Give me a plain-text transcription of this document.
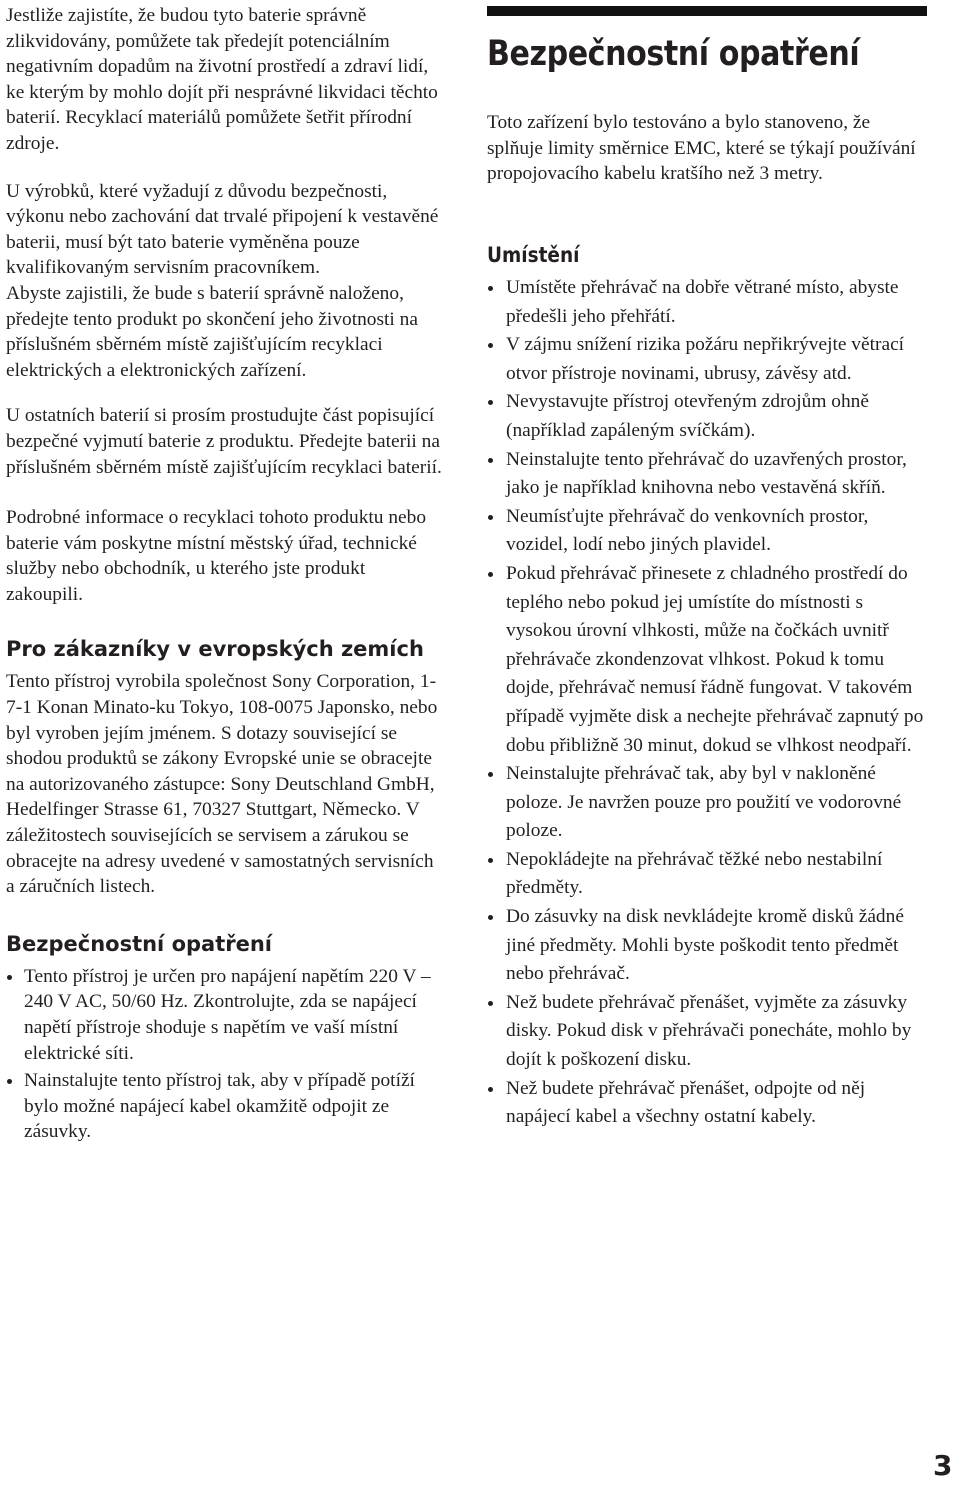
Jestliže zajistíte, že budou tyto baterie správně zlikvidovány, pomůžete tak předejít potenciálním negativním dopadům na životní prostředí a zdraví lidí, ke kterým by mohlo dojít při nesprávné likvidaci těchto baterií. Recyklací materiálů pomůžete šetřit přírodní zdroje.

U výrobků, které vyžadují z důvodu bezpečnosti, výkonu nebo zachování dat trvalé připojení k vestavěné baterii, musí být tato baterie vyměněna pouze kvalifikovaným servisním pracovníkem.

Abyste zajistili, že bude s baterií správně naloženo, předejte tento produkt po skončení jeho životnosti na příslušném sběrném místě zajišťujícím recyklaci elektrických a elektronických zařízení.

U ostatních baterií si prosím prostudujte část popisující bezpečné vyjmutí baterie z produktu. Předejte baterii na příslušném sběrném místě zajišťujícím recyklaci baterií.

Podrobné informace o recyklaci tohoto produktu nebo baterie vám poskytne místní městský úřad, technické služby nebo obchodník, u kterého jste produkt zakoupili.

Pro zákazníky v evropských zemích

Tento přístroj vyrobila společnost Sony Corporation, 1-7-1 Konan Minato-ku Tokyo, 108-0075 Japonsko, nebo byl vyroben jejím jménem. S dotazy související se shodou produktů se zákony Evropské unie se obracejte na autorizovaného zástupce: Sony Deutschland GmbH, Hedelfinger Strasse 61, 70327 Stuttgart, Německo. V záležitostech souvisejících se servisem a zárukou se obracejte na adresy uvedené v samostatných servisních a záručních listech.

Bezpečnostní opatření
Tento přístroj je určen pro napájení napětím 220 V – 240 V AC, 50/60 Hz. Zkontrolujte, zda se napájecí napětí přístroje shoduje s napětím ve vaší místní elektrické síti.
Nainstalujte tento přístroj tak, aby v případě potíží bylo možné napájecí kabel okamžitě odpojit ze zásuvky.
Bezpečnostní opatření

Toto zařízení bylo testováno a bylo stanoveno, že splňuje limity směrnice EMC, které se týkají používání propojovacího kabelu kratšího než 3 metry.

Umístění
Umístěte přehrávač na dobře větrané místo, abyste předešli jeho přehřátí.
V zájmu snížení rizika požáru nepřikrývejte větrací otvor přístroje novinami, ubrusy, závěsy atd.
Nevystavujte přístroj otevřeným zdrojům ohně (například zapáleným svíčkám).
Neinstalujte tento přehrávač do uzavřených prostor, jako je například knihovna nebo vestavěná skříň.
Neumísťujte přehrávač do venkovních prostor, vozidel, lodí nebo jiných plavidel.
Pokud přehrávač přinesete z chladného prostředí do teplého nebo pokud jej umístíte do místnosti s vysokou úrovní vlhkosti, může na čočkách uvnitř přehrávače zkondenzovat vlhkost. Pokud k tomu dojde, přehrávač nemusí řádně fungovat. V takovém případě vyjměte disk a nechejte přehrávač zapnutý po dobu přibližně 30 minut, dokud se vlhkost neodpaří.
Neinstalujte přehrávač tak, aby byl v nakloněné poloze. Je navržen pouze pro použití ve vodorovné poloze.
Nepokládejte na přehrávač těžké nebo nestabilní předměty.
Do zásuvky na disk nevkládejte kromě disků žádné jiné předměty. Mohli byste poškodit tento předmět nebo přehrávač.
Než budete přehrávač přenášet, vyjměte za zásuvky disky. Pokud disk v přehrávači ponecháte, mohlo by dojít k poškození disku.
Než budete přehrávač přenášet, odpojte od něj napájecí kabel a všechny ostatní kabely.
3
